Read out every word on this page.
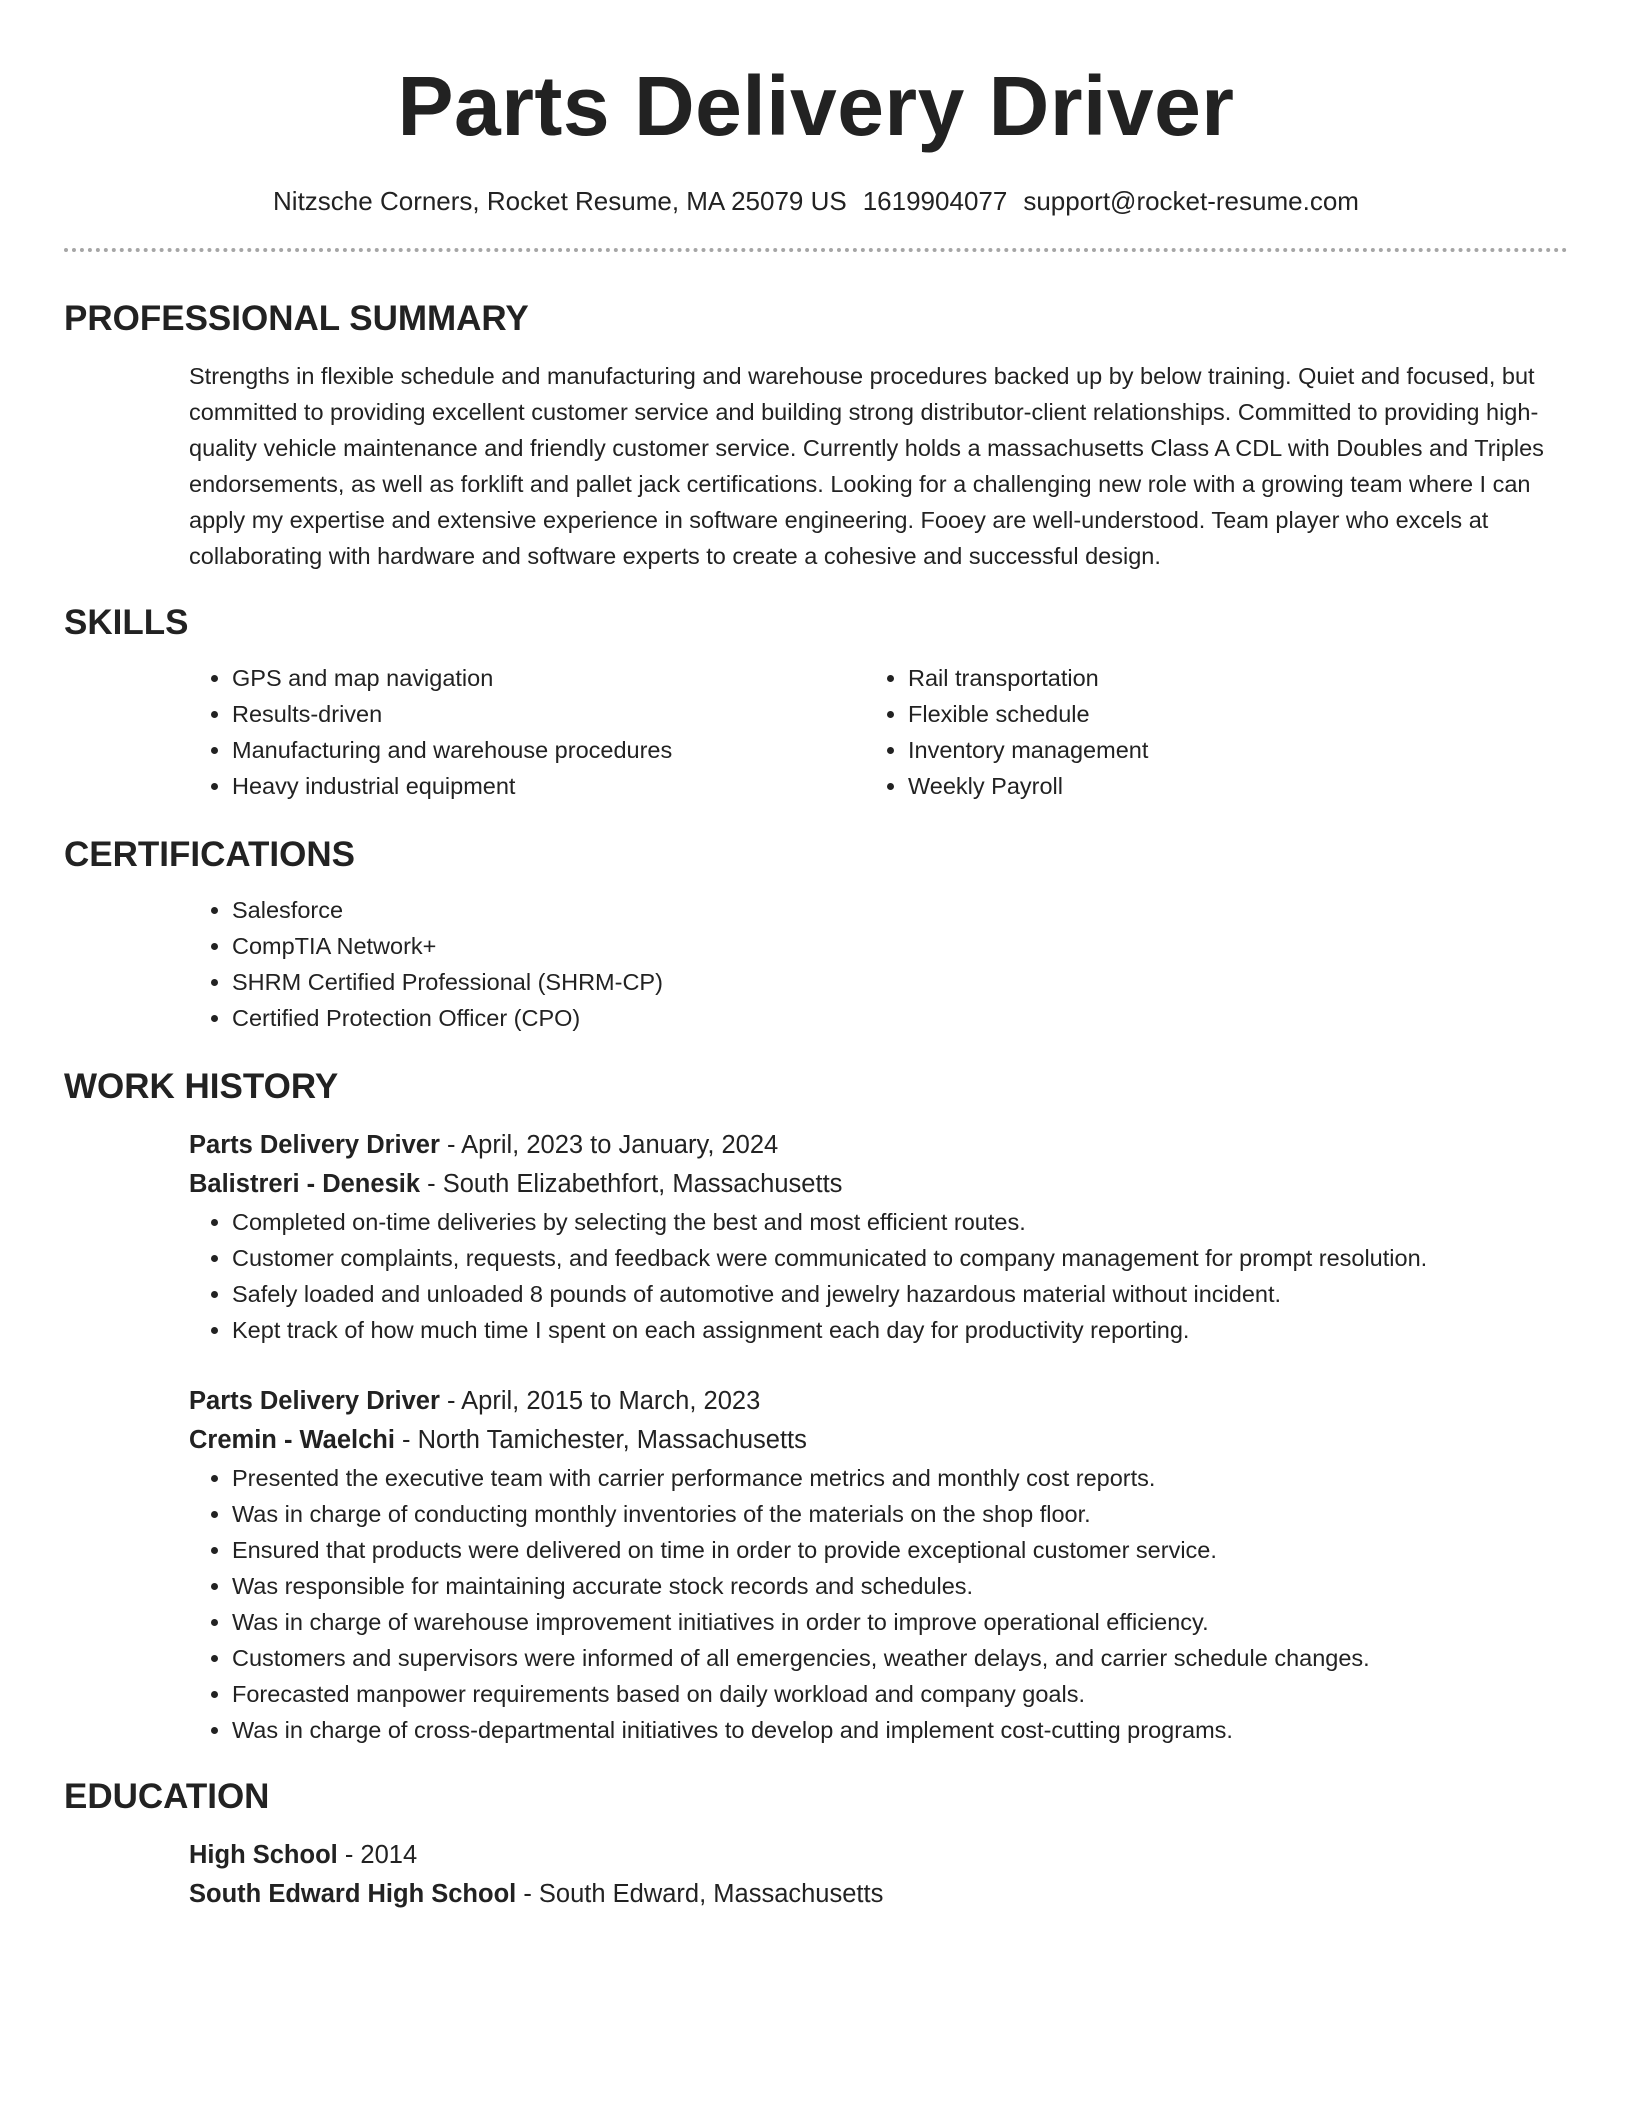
Parts Delivery Driver
Nitzsche Corners, Rocket Resume, MA 25079 US 1619904077 support@rocket-resume.com
PROFESSIONAL SUMMARY
Strengths in flexible schedule and manufacturing and warehouse procedures backed up by below training. Quiet and focused, but committed to providing excellent customer service and building strong distributor-client relationships. Committed to providing high-quality vehicle maintenance and friendly customer service. Currently holds a massachusetts Class A CDL with Doubles and Triples endorsements, as well as forklift and pallet jack certifications. Looking for a challenging new role with a growing team where I can apply my expertise and extensive experience in software engineering. Fooey are well-understood. Team player who excels at collaborating with hardware and software experts to create a cohesive and successful design.
SKILLS
• GPS and map navigation
• Results-driven
• Manufacturing and warehouse procedures
• Heavy industrial equipment
• Rail transportation
• Flexible schedule
• Inventory management
• Weekly Payroll
CERTIFICATIONS
• Salesforce
• CompTIA Network+
• SHRM Certified Professional (SHRM-CP)
• Certified Protection Officer (CPO)
WORK HISTORY
Parts Delivery Driver - April, 2023 to January, 2024
Balistreri - Denesik - South Elizabethfort, Massachusetts
• Completed on-time deliveries by selecting the best and most efficient routes.
• Customer complaints, requests, and feedback were communicated to company management for prompt resolution.
• Safely loaded and unloaded 8 pounds of automotive and jewelry hazardous material without incident.
• Kept track of how much time I spent on each assignment each day for productivity reporting.
Parts Delivery Driver - April, 2015 to March, 2023
Cremin - Waelchi - North Tamichester, Massachusetts
• Presented the executive team with carrier performance metrics and monthly cost reports.
• Was in charge of conducting monthly inventories of the materials on the shop floor.
• Ensured that products were delivered on time in order to provide exceptional customer service.
• Was responsible for maintaining accurate stock records and schedules.
• Was in charge of warehouse improvement initiatives in order to improve operational efficiency.
• Customers and supervisors were informed of all emergencies, weather delays, and carrier schedule changes.
• Forecasted manpower requirements based on daily workload and company goals.
• Was in charge of cross-departmental initiatives to develop and implement cost-cutting programs.
EDUCATION
High School - 2014
South Edward High School - South Edward, Massachusetts
